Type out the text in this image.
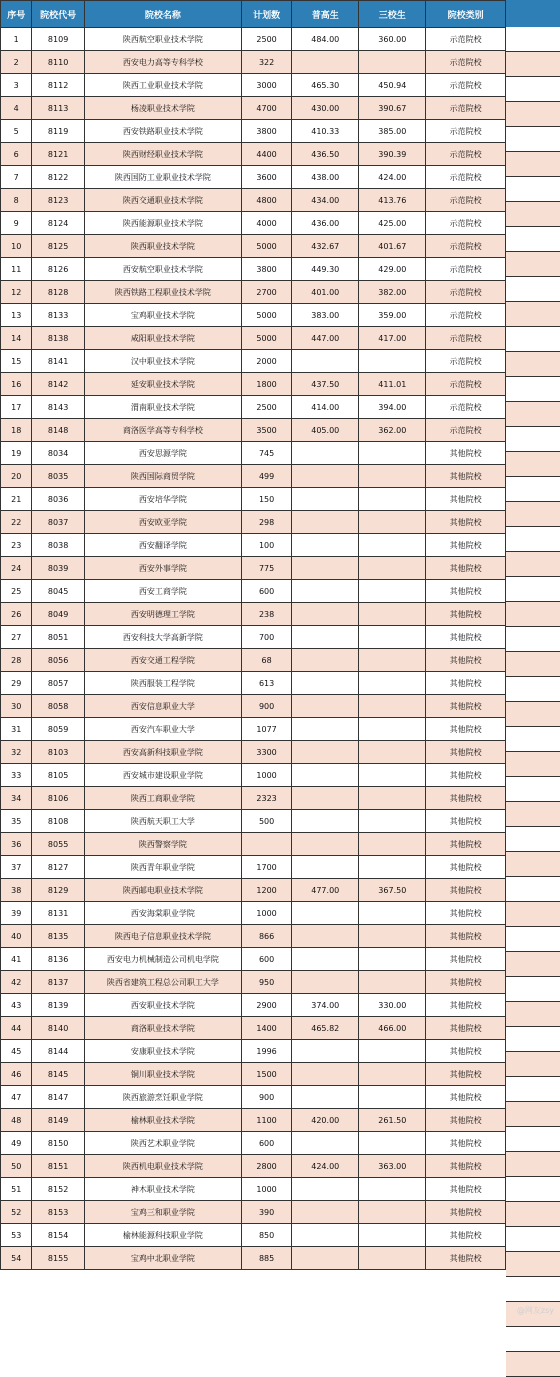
序号	院校代号	院校名称	计划数	普高生	三校生	院校类别
1	8109	陕西航空职业技术学院	2500	484.00	360.00	示范院校
2	8110	西安电力高等专科学校	322			示范院校
3	8112	陕西工业职业技术学院	3000	465.30	450.94	示范院校
4	8113	杨凌职业技术学院	4700	430.00	390.67	示范院校
5	8119	西安铁路职业技术学院	3800	410.33	385.00	示范院校
6	8121	陕西财经职业技术学院	4400	436.50	390.39	示范院校
7	8122	陕西国防工业职业技术学院	3600	438.00	424.00	示范院校
8	8123	陕西交通职业技术学院	4800	434.00	413.76	示范院校
9	8124	陕西能源职业技术学院	4000	436.00	425.00	示范院校
10	8125	陕西职业技术学院	5000	432.67	401.67	示范院校
11	8126	西安航空职业技术学院	3800	449.30	429.00	示范院校
12	8128	陕西铁路工程职业技术学院	2700	401.00	382.00	示范院校
13	8133	宝鸡职业技术学院	5000	383.00	359.00	示范院校
14	8138	咸阳职业技术学院	5000	447.00	417.00	示范院校
15	8141	汉中职业技术学院	2000			示范院校
16	8142	延安职业技术学院	1800	437.50	411.01	示范院校
17	8143	渭南职业技术学院	2500	414.00	394.00	示范院校
18	8148	商洛医学高等专科学校	3500	405.00	362.00	示范院校
19	8034	西安思源学院	745			其他院校
20	8035	陕西国际商贸学院	499			其他院校
21	8036	西安培华学院	150			其他院校
22	8037	西安欧亚学院	298			其他院校
23	8038	西安翻译学院	100			其他院校
24	8039	西安外事学院	775			其他院校
25	8045	西安工商学院	600			其他院校
26	8049	西安明德理工学院	238			其他院校
27	8051	西安科技大学高新学院	700			其他院校
28	8056	西安交通工程学院	68			其他院校
29	8057	陕西服装工程学院	613			其他院校
30	8058	西安信息职业大学	900			其他院校
31	8059	西安汽车职业大学	1077			其他院校
32	8103	西安高新科技职业学院	3300			其他院校
33	8105	西安城市建设职业学院	1000			其他院校
34	8106	陕西工商职业学院	2323			其他院校
35	8108	陕西航天职工大学	500			其他院校
36	8055	陕西警察学院				其他院校
37	8127	陕西青年职业学院	1700			其他院校
38	8129	陕西邮电职业技术学院	1200	477.00	367.50	其他院校
39	8131	西安海棠职业学院	1000			其他院校
40	8135	陕西电子信息职业技术学院	866			其他院校
41	8136	西安电力机械制造公司机电学院	600			其他院校
42	8137	陕西省建筑工程总公司职工大学	950			其他院校
43	8139	西安职业技术学院	2900	374.00	330.00	其他院校
44	8140	商洛职业技术学院	1400	465.82	466.00	其他院校
45	8144	安康职业技术学院	1996			其他院校
46	8145	铜川职业技术学院	1500			其他院校
47	8147	陕西旅游烹饪职业学院	900			其他院校
48	8149	榆林职业技术学院	1100	420.00	261.50	其他院校
49	8150	陕西艺术职业学院	600			其他院校
50	8151	陕西机电职业技术学院	2800	424.00	363.00	其他院校
51	8152	神木职业技术学院	1000			其他院校
52	8153	宝鸡三和职业学院	390			其他院校
53	8154	榆林能源科技职业学院	850			其他院校
54	8155	宝鸡中北职业学院	885			其他院校
@网友zsy
